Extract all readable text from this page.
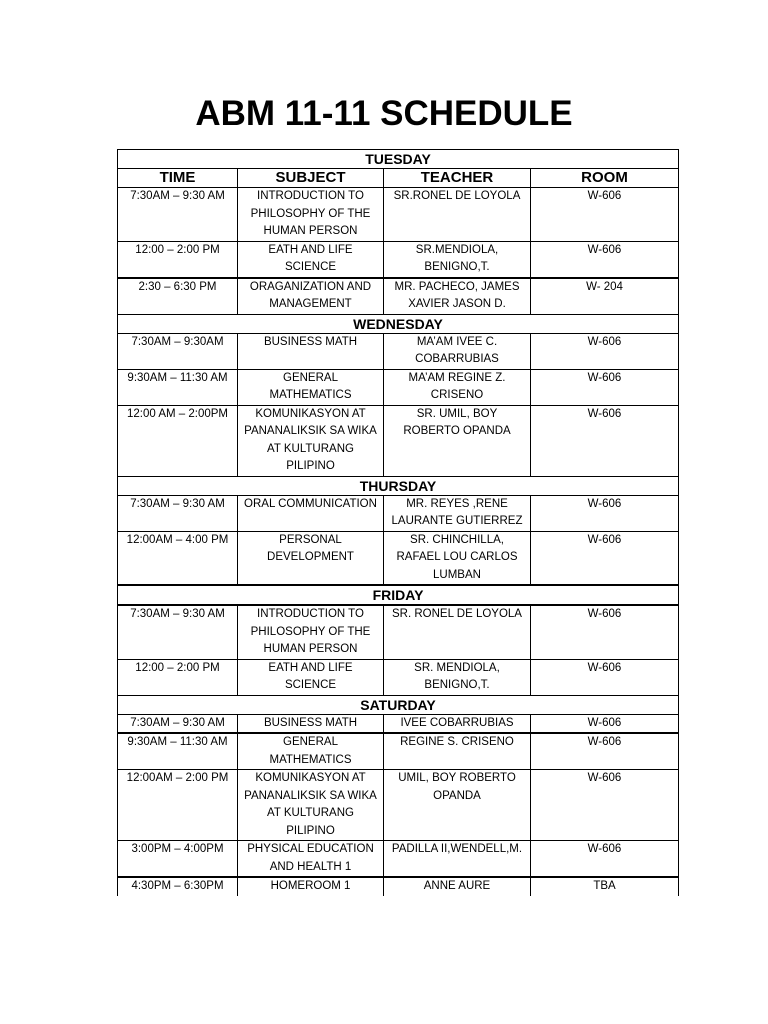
ABM 11-11 SCHEDULE
TUESDAY			
TIME	SUBJECT	TEACHER	ROOM
7:30AM – 9:30 AM	INTRODUCTION TO PHILOSOPHY OF THE HUMAN PERSON	SR.RONEL DE LOYOLA	W-606
12:00 – 2:00 PM	EATH AND LIFE SCIENCE	SR.MENDIOLA, BENIGNO,T.	W-606
2:30 – 6:30 PM	ORAGANIZATION AND MANAGEMENT	MR. PACHECO, JAMES XAVIER JASON D.	W- 204
WEDNESDAY			
7:30AM – 9:30AM	BUSINESS MATH	MA’AM IVEE C. COBARRUBIAS	W-606
9:30AM – 11:30 AM	GENERAL MATHEMATICS	MA’AM REGINE Z. CRISENO	W-606
12:00 AM – 2:00PM	KOMUNIKASYON AT PANANALIKSIK SA WIKA AT KULTURANG PILIPINO	SR. UMIL, BOY ROBERTO OPANDA	W-606
THURSDAY			
7:30AM – 9:30 AM	ORAL COMMUNICATION	MR. REYES ,RENE LAURANTE GUTIERREZ	W-606
12:00AM – 4:00 PM	PERSONAL DEVELOPMENT	SR. CHINCHILLA, RAFAEL LOU CARLOS LUMBAN	W-606
FRIDAY			
7:30AM – 9:30 AM	INTRODUCTION TO PHILOSOPHY OF THE HUMAN PERSON	SR. RONEL DE LOYOLA	W-606
12:00 – 2:00 PM	EATH AND LIFE SCIENCE	SR. MENDIOLA, BENIGNO,T.	W-606
SATURDAY			
7:30AM – 9:30 AM	BUSINESS MATH	IVEE COBARRUBIAS	W-606
9:30AM – 11:30 AM	GENERAL MATHEMATICS	REGINE S. CRISENO	W-606
12:00AM – 2:00 PM	KOMUNIKASYON AT PANANALIKSIK SA WIKA AT KULTURANG PILIPINO	UMIL, BOY ROBERTO OPANDA	W-606
3:00PM – 4:00PM	PHYSICAL EDUCATION AND HEALTH 1	PADILLA II,WENDELL,M.	W-606
4:30PM – 6:30PM	HOMEROOM 1	ANNE AURE	TBA
